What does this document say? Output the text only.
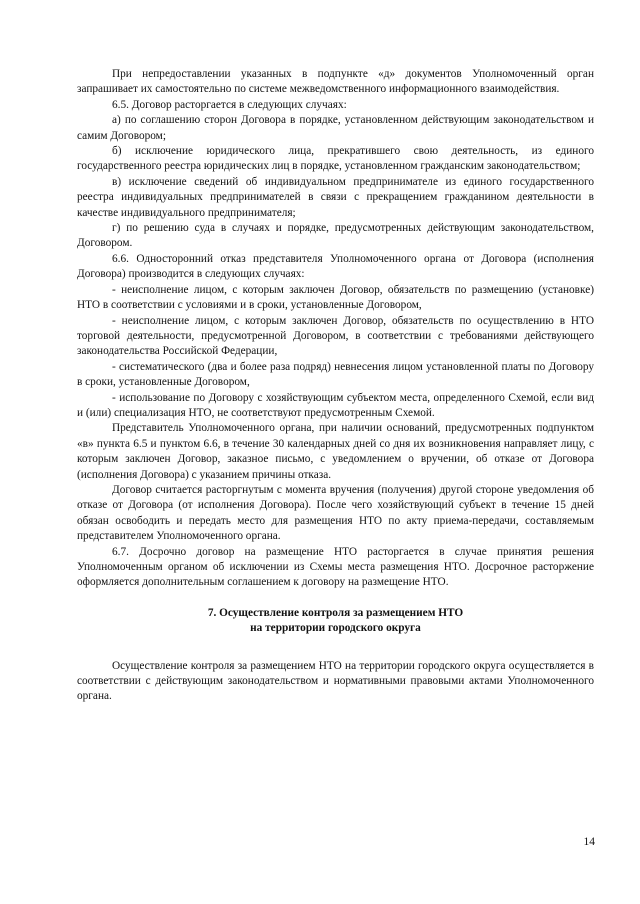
При непредоставлении указанных в подпункте «д» документов Уполномоченный орган запрашивает их самостоятельно по системе межведомственного информационного взаимодействия.

6.5. Договор расторгается в следующих случаях:

а) по соглашению сторон Договора в порядке, установленном действующим законодательством и самим Договором;

б) исключение юридического лица, прекратившего свою деятельность, из единого государственного реестра юридических лиц в порядке, установленном гражданским законодательством;

в) исключение сведений об индивидуальном предпринимателе из единого государственного реестра индивидуальных предпринимателей в связи с прекращением гражданином деятельности в качестве индивидуального предпринимателя;

г) по решению суда в случаях и порядке, предусмотренных действующим законодательством, Договором.

6.6. Односторонний отказ представителя Уполномоченного органа от Договора (исполнения Договора) производится в следующих случаях:

- неисполнение лицом, с которым заключен Договор, обязательств по размещению (установке) НТО в соответствии с условиями и в сроки, установленные Договором,

- неисполнение лицом, с которым заключен Договор, обязательств по осуществлению в НТО торговой деятельности, предусмотренной Договором, в соответствии с требованиями действующего законодательства Российской Федерации,

- систематического (два и более раза подряд) невнесения лицом установленной платы по Договору в сроки, установленные Договором,

- использование по Договору с хозяйствующим субъектом места, определенного Схемой, если вид и (или) специализация НТО, не соответствуют предусмотренным Схемой.

Представитель Уполномоченного органа, при наличии оснований, предусмотренных подпунктом «в» пункта 6.5 и пунктом 6.6, в течение 30 календарных дней со дня их возникновения направляет лицу, с которым заключен Договор, заказное письмо, с уведомлением о вручении, об отказе от Договора (исполнения Договора) с указанием причины отказа.

Договор считается расторгнутым с момента вручения (получения) другой стороне уведомления об отказе от Договора (от исполнения Договора). После чего хозяйствующий субъект в течение 15 дней обязан освободить и передать место для размещения НТО по акту приема-передачи, составляемым представителем Уполномоченного органа.

6.7. Досрочно договор на размещение НТО расторгается в случае принятия решения Уполномоченным органом об исключении из Схемы места размещения НТО. Досрочное расторжение оформляется дополнительным соглашением к договору на размещение НТО.

7. Осуществление контроля за размещением НТО
на территории городского округа

Осуществление контроля за размещением НТО на территории городского округа осуществляется в соответствии с действующим законодательством и нормативными правовыми актами Уполномоченного органа.

14
